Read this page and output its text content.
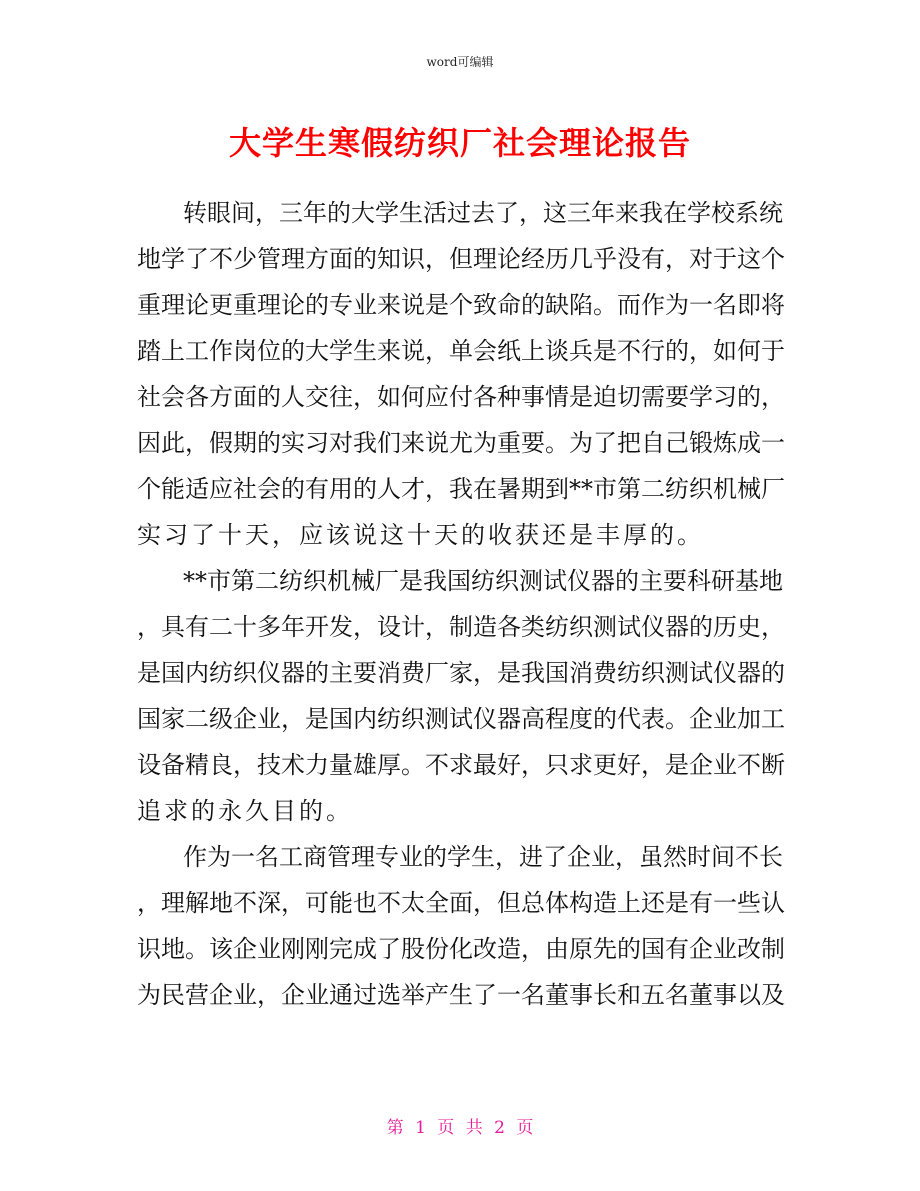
word可编辑
大学生寒假纺织厂社会理论报告
转眼间，三年的大学生活过去了，这三年来我在学校系统
地学了不少管理方面的知识，但理论经历几乎没有，对于这个
重理论更重理论的专业来说是个致命的缺陷。而作为一名即将
踏上工作岗位的大学生来说，单会纸上谈兵是不行的，如何于
社会各方面的人交往，如何应付各种事情是迫切需要学习的，
因此，假期的实习对我们来说尤为重要。为了把自己锻炼成一
个能适应社会的有用的人才，我在暑期到**市第二纺织机械厂
实习了十天，应该说这十天的收获还是丰厚的。
**市第二纺织机械厂是我国纺织测试仪器的主要科研基地
，具有二十多年开发，设计，制造各类纺织测试仪器的历史，
是国内纺织仪器的主要消费厂家，是我国消费纺织测试仪器的
国家二级企业，是国内纺织测试仪器高程度的代表。企业加工
设备精良，技术力量雄厚。不求最好，只求更好，是企业不断
追求的永久目的。
作为一名工商管理专业的学生，进了企业，虽然时间不长
，理解地不深，可能也不太全面，但总体构造上还是有一些认
识地。该企业刚刚完成了股份化改造，由原先的国有企业改制
为民营企业，企业通过选举产生了一名董事长和五名董事以及
第 1 页 共 2 页
